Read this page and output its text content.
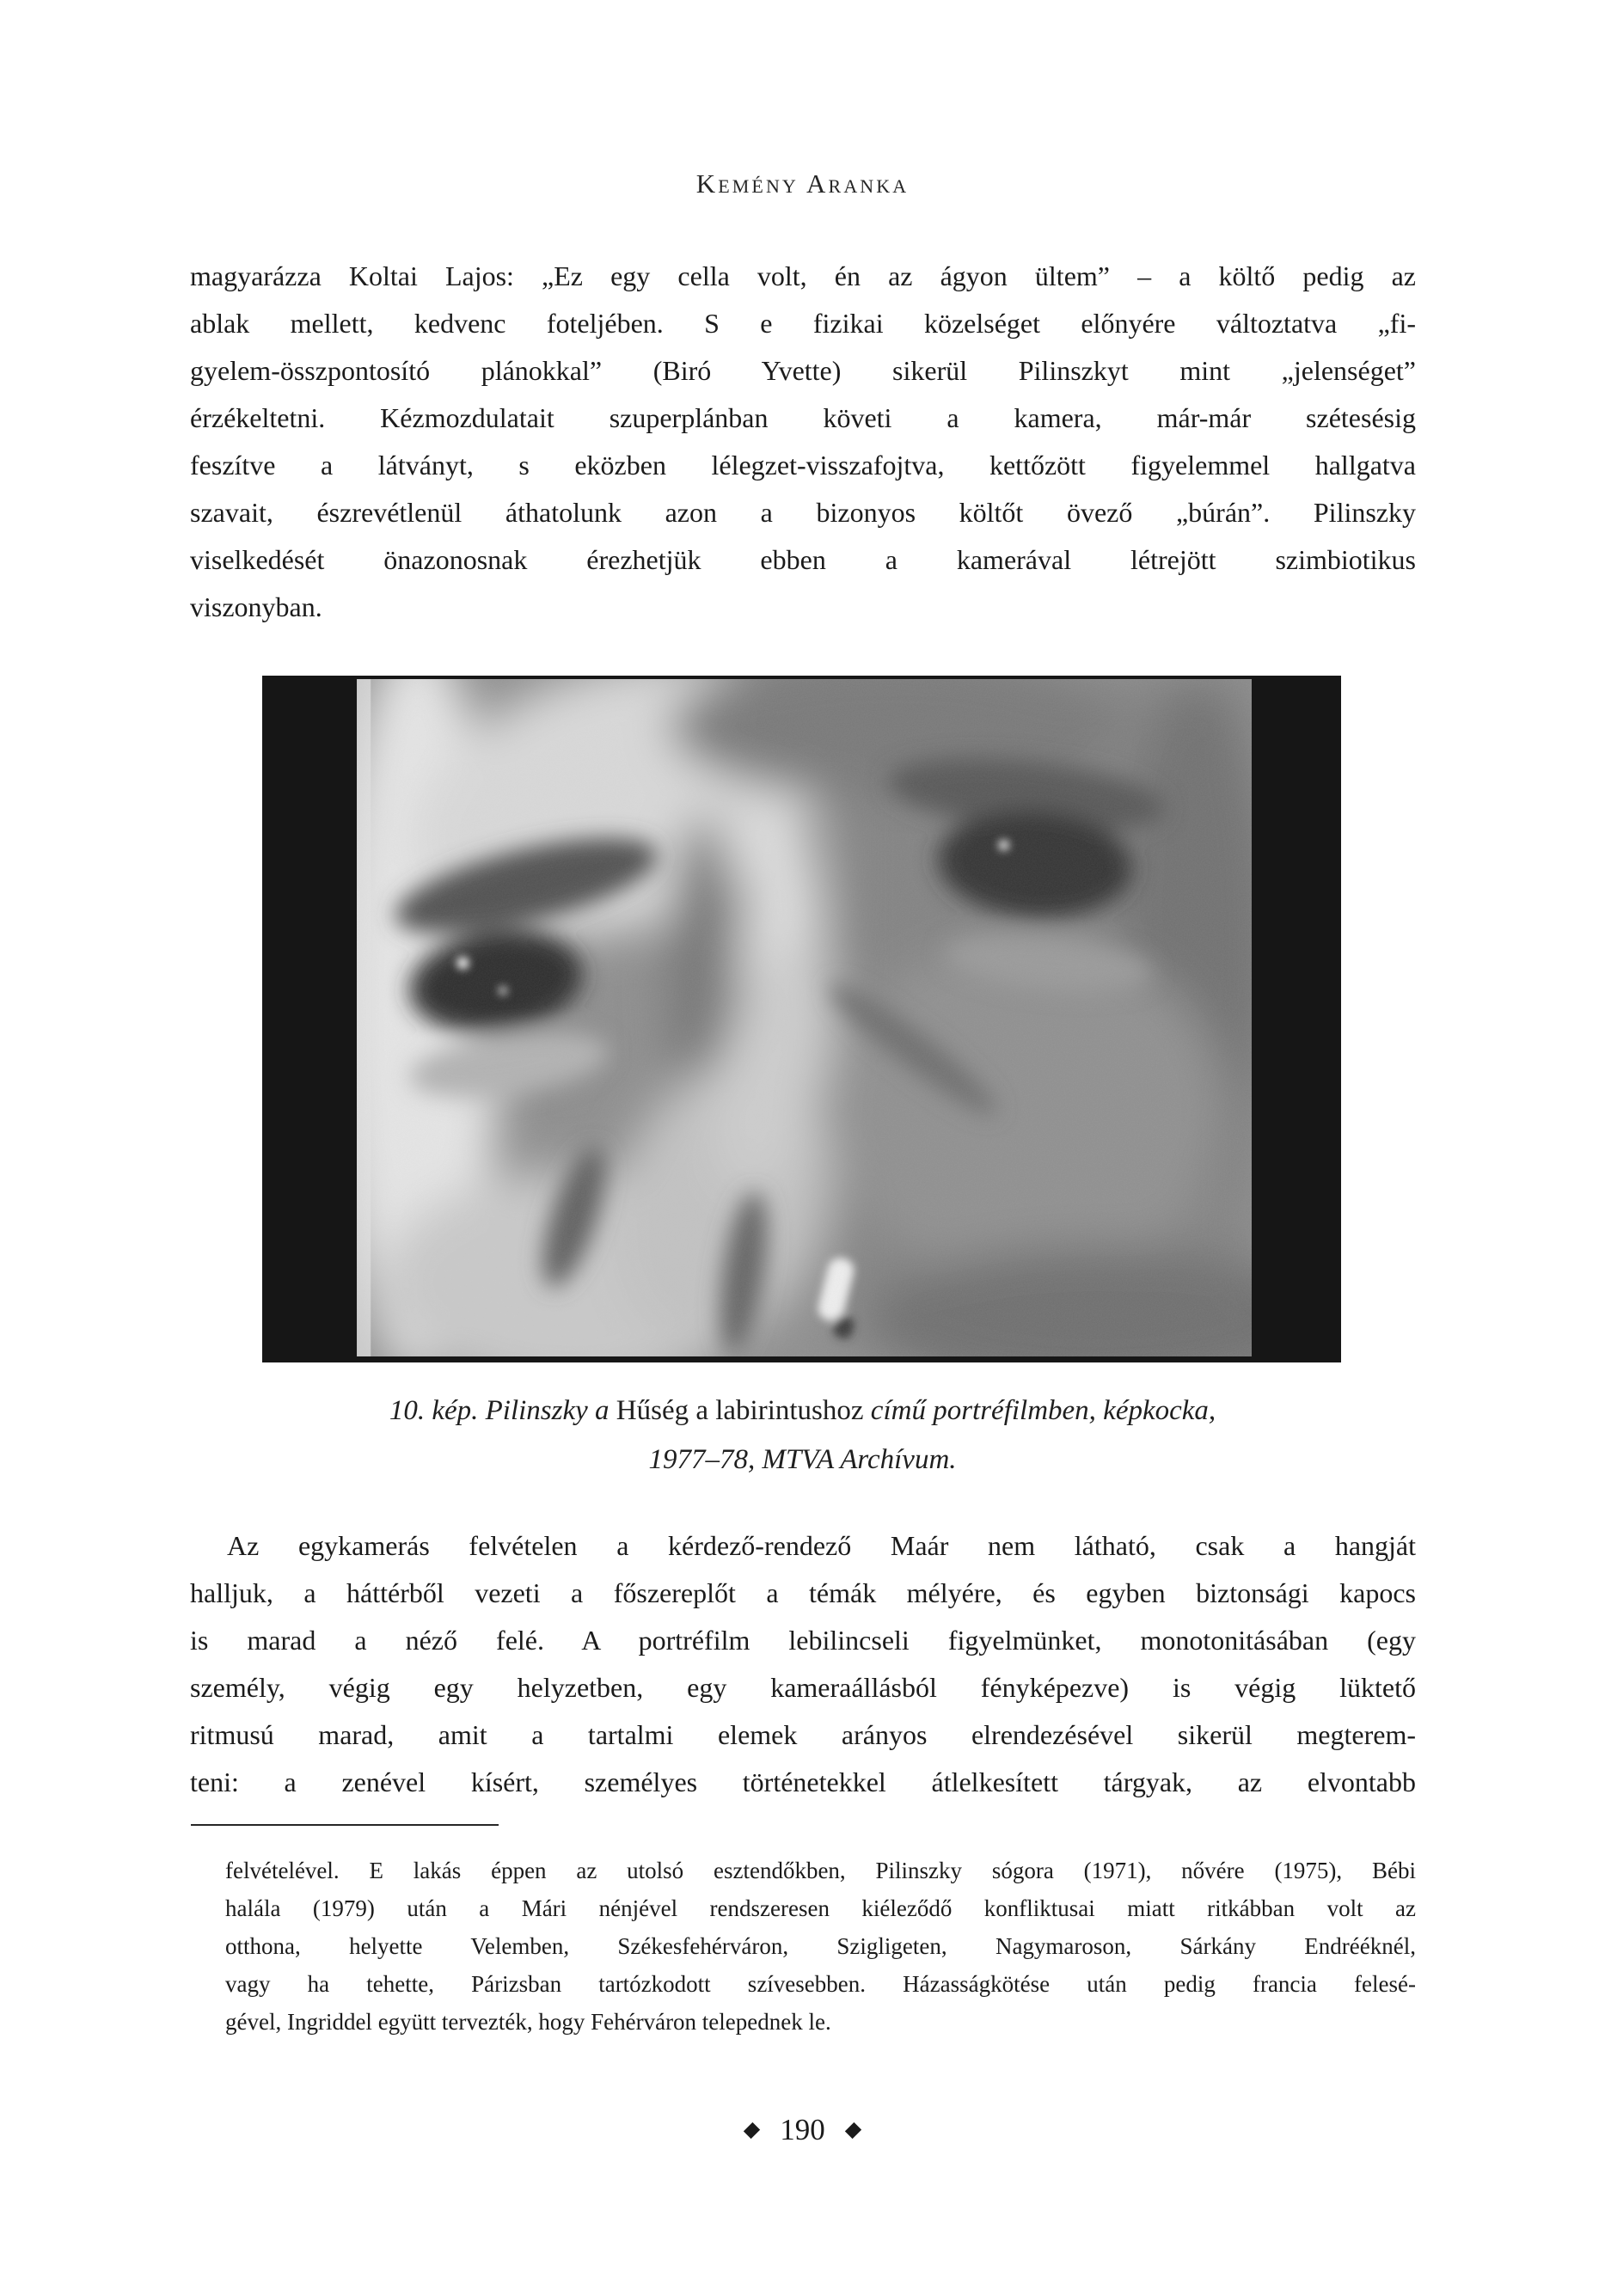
Kemény Aranka
magyarázza Koltai Lajos: „Ez egy cella volt, én az ágyon ültem” – a költő pedig az
ablak mellett, kedvenc foteljében. S e fizikai közelséget előnyére változtatva „fi-
gyelem-összpontosító plánokkal” (Biró Yvette) sikerül Pilinszkyt mint „jelenséget”
érzékeltetni. Kézmozdulatait szuperplánban követi a kamera, már-már szétesésig
feszítve a látványt, s eközben lélegzet-visszafojtva, kettőzött figyelemmel hallgatva
szavait, észrevétlenül áthatolunk azon a bizonyos költőt övező „búrán”. Pilinszky
viselkedését önazonosnak érezhetjük ebben a kamerával létrejött szimbiotikus
viszonyban.
10. kép. Pilinszky a Hűség a labirintushoz című portréfilmben, képkocka,
1977–78, MTVA Archívum.
Az egykamerás felvételen a kérdező-rendező Maár nem látható, csak a hangját
halljuk, a háttérből vezeti a főszereplőt a témák mélyére, és egyben biztonsági kapocs
is marad a néző felé. A portréfilm lebilincseli figyelmünket, monotonitásában (egy
személy, végig egy helyzetben, egy kameraállásból fényképezve) is végig lüktető
ritmusú marad, amit a tartalmi elemek arányos elrendezésével sikerül megterem-
teni: a zenével kísért, személyes történetekkel átlelkesített tárgyak, az elvontabb
felvételével. E lakás éppen az utolsó esztendőkben, Pilinszky sógora (1971), nővére (1975), Bébi
halála (1979) után a Mári nénjével rendszeresen kiéleződő konfliktusai miatt ritkábban volt az
otthona, helyette Velemben, Székesfehérváron, Szigligeten, Nagymaroson, Sárkány Endrééknél,
vagy ha tehette, Párizsban tartózkodott szívesebben. Házasságkötése után pedig francia felesé-
gével, Ingriddel együtt tervezték, hogy Fehérváron telepednek le.
190
